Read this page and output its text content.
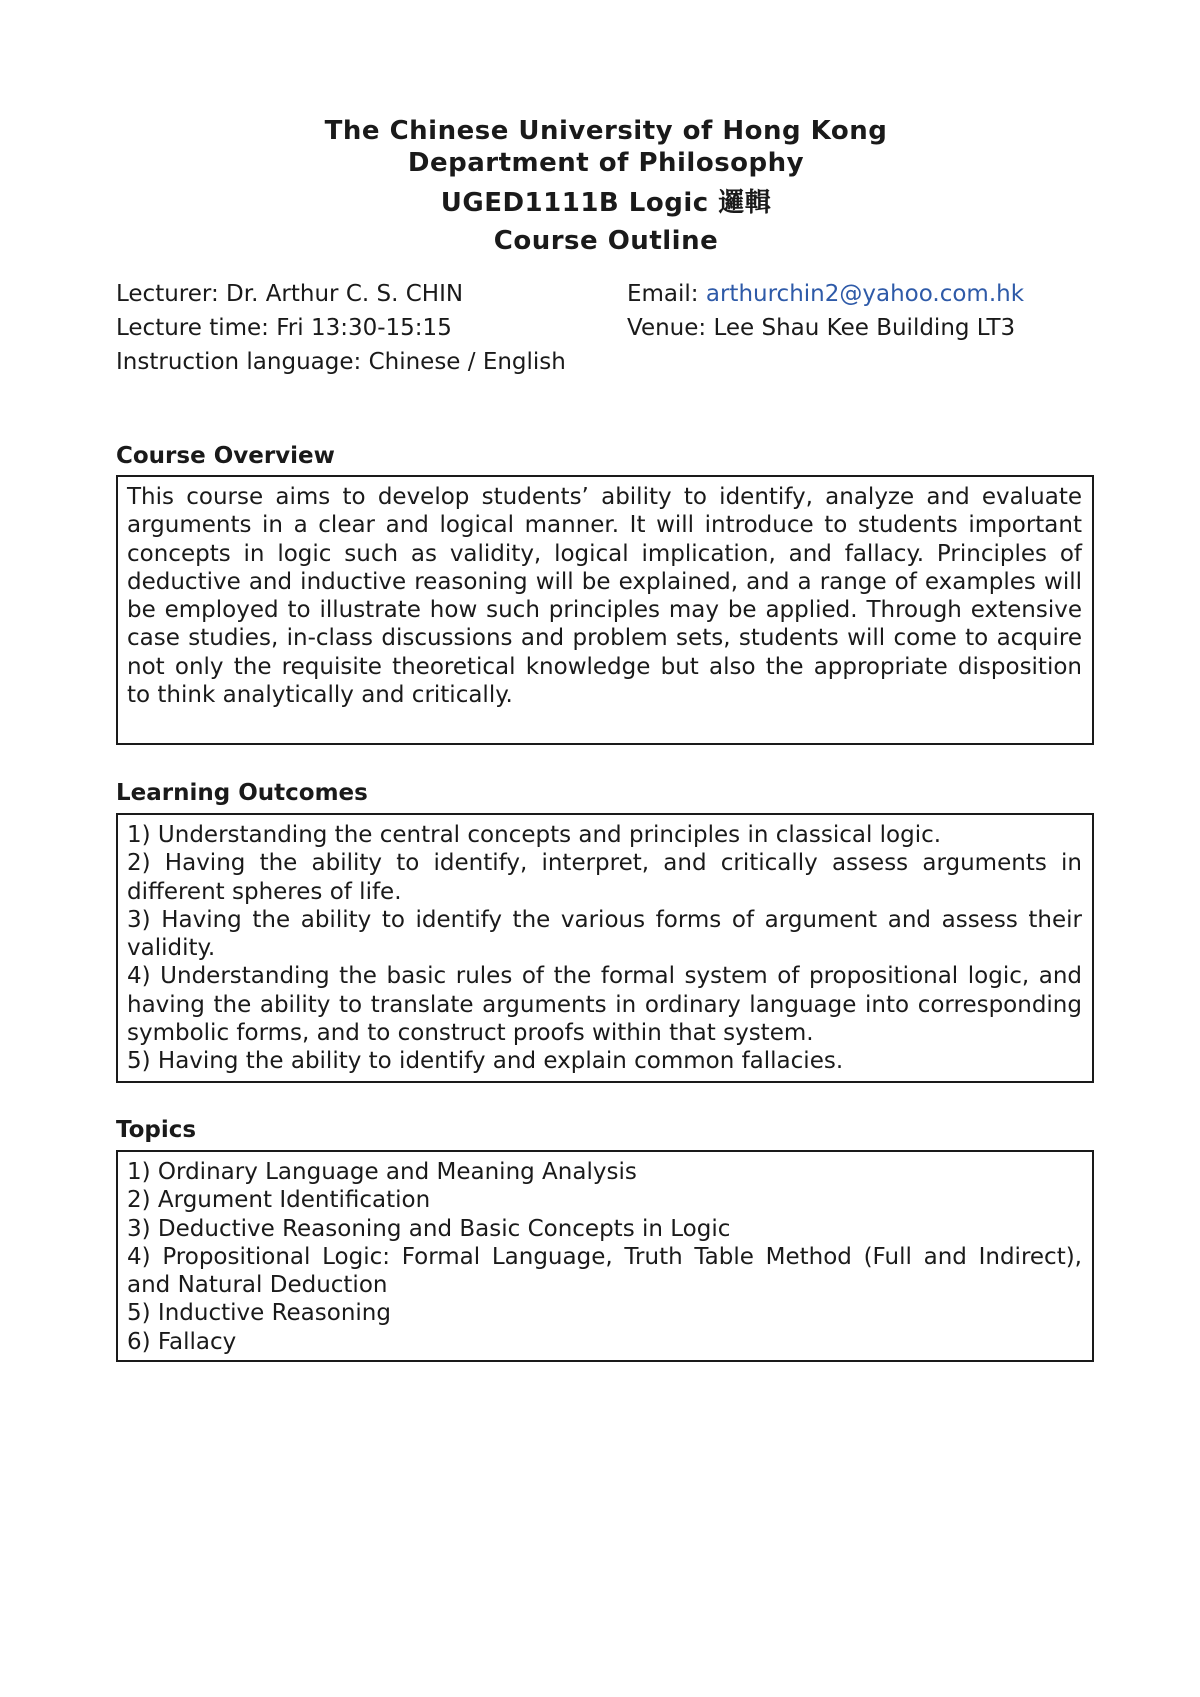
The Chinese University of Hong Kong
Department of Philosophy
UGED1111B Logic 邏輯
Course Outline
Lecturer: Dr. Arthur C. S. CHIN	Email: arthurchin2@yahoo.com.hk
Lecture time: Fri 13:30-15:15	Venue: Lee Shau Kee Building LT3
Instruction language: Chinese / English
Course Overview

This course aims to develop students’ ability to identify, analyze and evaluate arguments in a clear and logical manner. It will introduce to students important concepts in logic such as validity, logical implication, and fallacy. Principles of deductive and inductive reasoning will be explained, and a range of examples will be employed to illustrate how such principles may be applied. Through extensive case studies, in-class discussions and problem sets, students will come to acquire not only the requisite theoretical knowledge but also the appropriate disposition to think analytically and critically.

Learning Outcomes
1) Understanding the central concepts and principles in classical logic.
2) Having the ability to identify, interpret, and critically assess arguments in different spheres of life.
3) Having the ability to identify the various forms of argument and assess their validity.
4) Understanding the basic rules of the formal system of propositional logic, and having the ability to translate arguments in ordinary language into corresponding symbolic forms, and to construct proofs within that system.
5) Having the ability to identify and explain common fallacies.
Topics
1) Ordinary Language and Meaning Analysis
2) Argument Identification
3) Deductive Reasoning and Basic Concepts in Logic
4) Propositional Logic: Formal Language, Truth Table Method (Full and Indirect), and Natural Deduction
5) Inductive Reasoning
6) Fallacy
